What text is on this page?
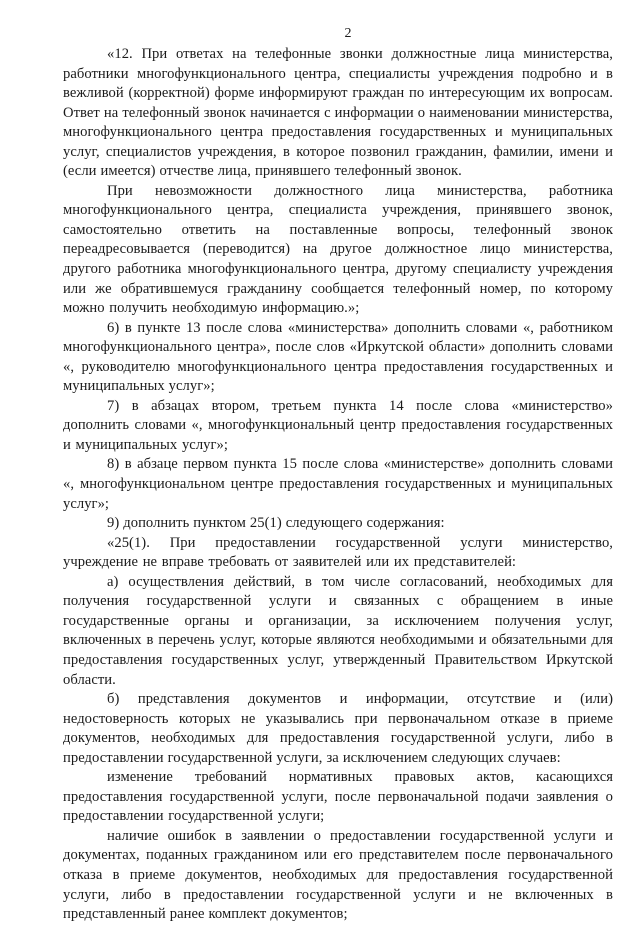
2

«12. При ответах на телефонные звонки должностные лица министерства, работники многофункционального центра, специалисты учреждения подробно и в вежливой (корректной) форме информируют граждан по интересующим их вопросам. Ответ на телефонный звонок начинается с информации о наименовании министерства, многофункционального центра предоставления государственных и муниципальных услуг, специалистов учреждения, в которое позвонил гражданин, фамилии, имени и (если имеется) отчестве лица, принявшего телефонный звонок.

При невозможности должностного лица министерства, работника многофункционального центра, специалиста учреждения, принявшего звонок, самостоятельно ответить на поставленные вопросы, телефонный звонок переадресовывается (переводится) на другое должностное лицо министерства, другого работника многофункционального центра, другому специалисту учреждения или же обратившемуся гражданину сообщается телефонный номер, по которому можно получить необходимую информацию.»;

6) в пункте 13 после слова «министерства» дополнить словами «, работником многофункционального центра», после слов «Иркутской области» дополнить словами «, руководителю многофункционального центра предоставления государственных и муниципальных услуг»;

7) в абзацах втором, третьем пункта 14 после слова «министерство» дополнить словами «, многофункциональный центр предоставления государственных и муниципальных услуг»;

8) в абзаце первом пункта 15 после слова «министерстве» дополнить словами «, многофункциональном центре предоставления государственных и муниципальных услуг»;

9) дополнить пунктом 25(1) следующего содержания:

«25(1). При предоставлении государственной услуги министерство, учреждение не вправе требовать от заявителей или их представителей:

а) осуществления действий, в том числе согласований, необходимых для получения государственной услуги и связанных с обращением в иные государственные органы и организации, за исключением получения услуг, включенных в перечень услуг, которые являются необходимыми и обязательными для предоставления государственных услуг, утвержденный Правительством Иркутской области.

б) представления документов и информации, отсутствие и (или) недостоверность которых не указывались при первоначальном отказе в приеме документов, необходимых для предоставления государственной услуги, либо в предоставлении государственной услуги, за исключением следующих случаев:

изменение требований нормативных правовых актов, касающихся предоставления государственной услуги, после первоначальной подачи заявления о предоставлении государственной услуги;

наличие ошибок в заявлении о предоставлении государственной услуги и документах, поданных гражданином или его представителем после первоначального отказа в приеме документов, необходимых для предоставления государственной услуги, либо в предоставлении государственной услуги и не включенных в представленный ранее комплект документов;
